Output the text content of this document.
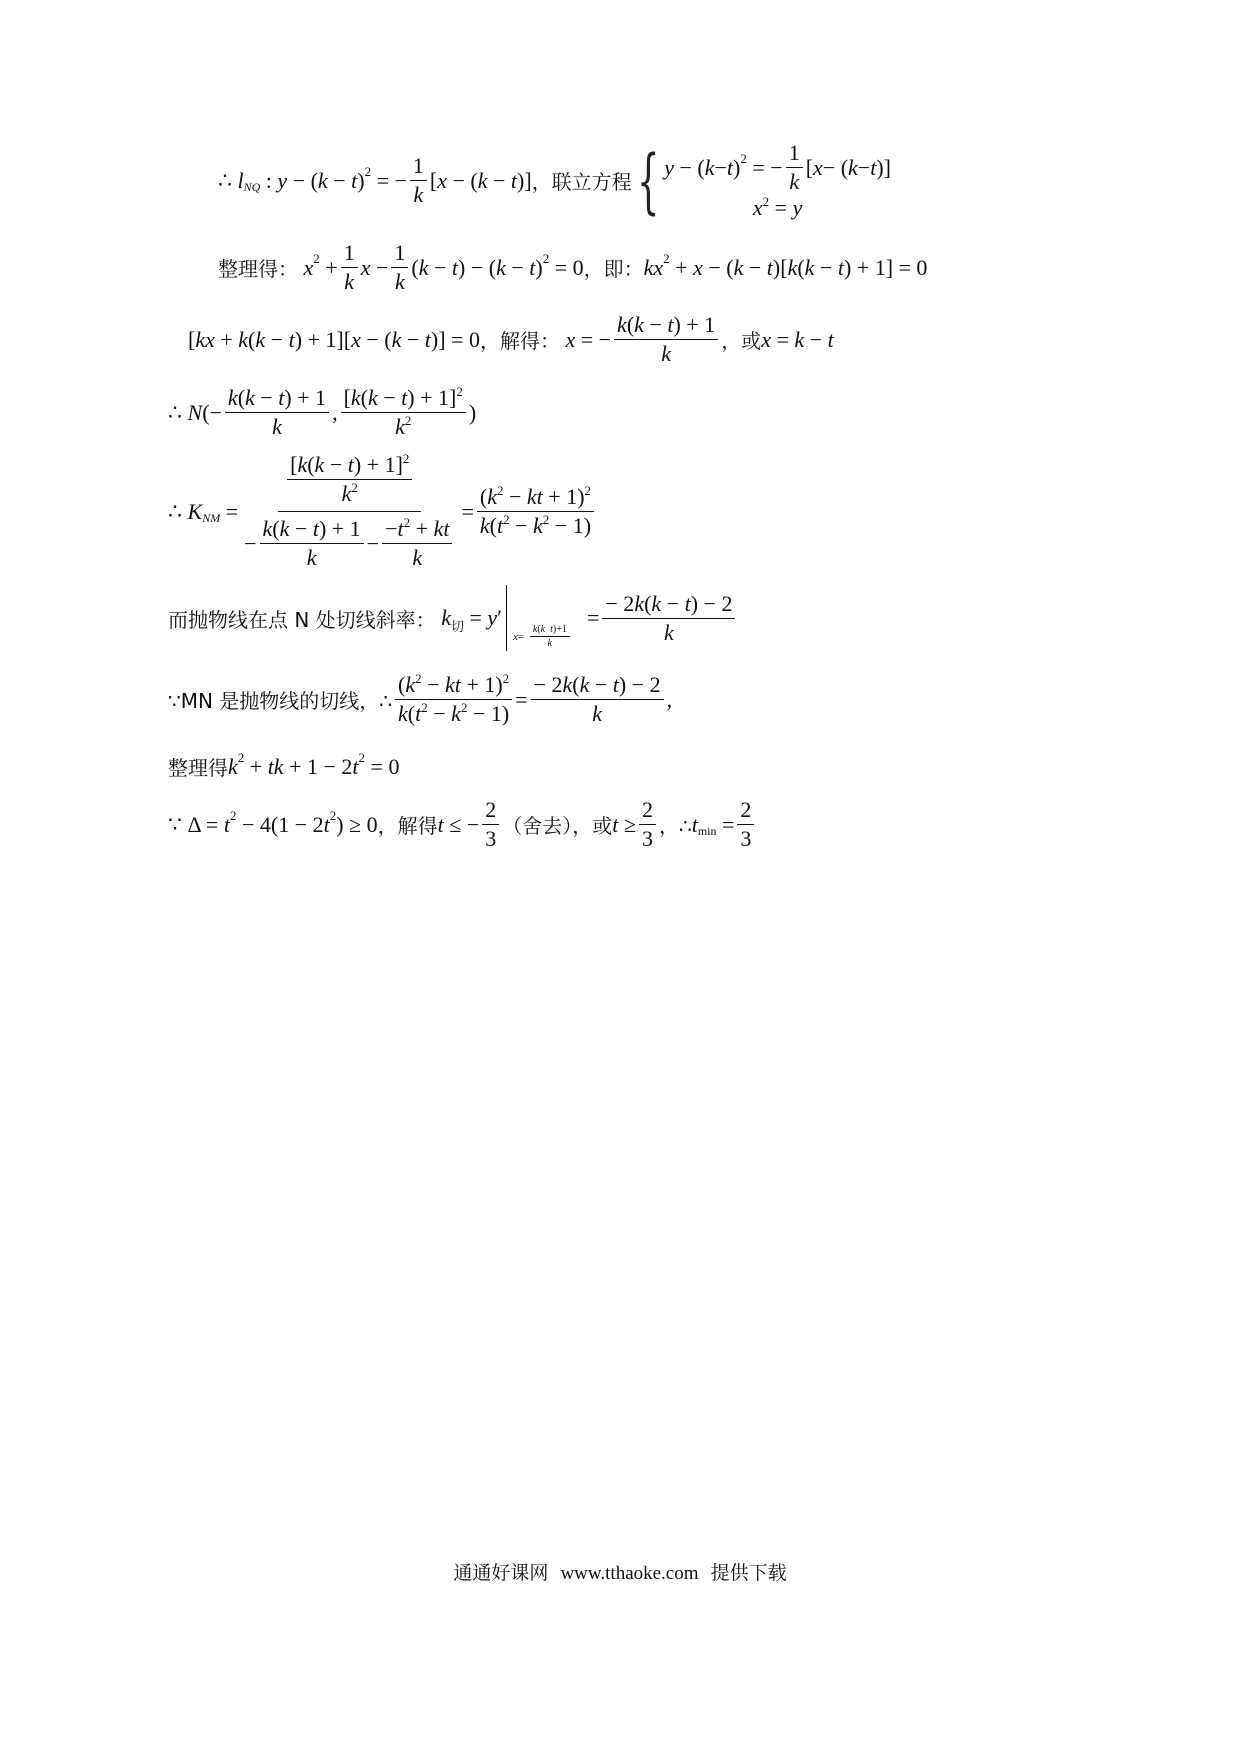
∴ l NQ : y − (k − t) 2 = − $\frac{1}{k} [x - (k - t)]$ ，联立方程 { y − ( k − t ) 2 = − $\frac{1}{k}$ [ x − ( k − t )]
$x^2 = y$
整理得： x $2 + \frac{1}{k}$ $x - \frac{1}{k} (k - t) - (k - t) 2 = 0$ ，即： kx 2 + x − (k − t)[k(k − t) + 1] = 0
[kx + k(k − t) + 1][x − (k − t)] = 0 ，解得： x = − $\frac{k(k - t) + 1}{k}$ ，或 x = k − t
∴ $N(- \frac{k(k - t) + 1}{k}$ , $\frac{[k(k - t) + 1]^2}{k^2}$ )
∴ K NM = $\frac{\frac{[k(k - t) + 1]^2}{k^2}}{- \frac{k(k - t) + 1}{k} - \frac{-t^2 + kt}{k}} = \frac{(k^2 - kt + 1)^2}{k(t^2 - k^2 - 1)}$
而抛物线在点 N 处切线斜率： k 切 = y′
$x = \frac{\text{k(k t)+1}}{k}$
= $\frac{- 2k(k - t) - 2}{k}$
∵MN 是抛物线的切线，∴ $\frac{(k^2 - kt + 1)^2}{k(t^2 - k^2 - 1)} = \frac{- 2k(k - t) - 2}{k}$ ,
整理得 k 2 + tk + 1 − 2t 2 = 0
∵ Δ = t 2 − 4(1 − 2t 2 ) ≥ 0 ，解得 t ≤ − $\frac{2}{3}$ （舍去），或 $t \ge \frac{2}{3}$ ，∴ t $\min = \frac{2}{3}$
通通好课网 www.tthaoke.com 提供下载
